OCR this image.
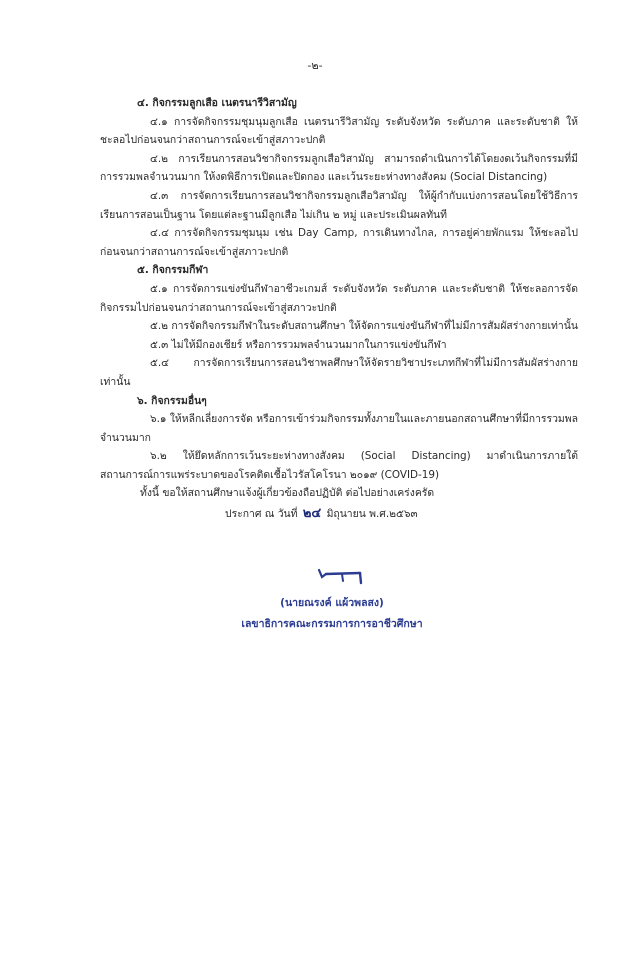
-๒-

๔. กิจกรรมลูกเสือ เนตรนารีวิสามัญ

๔.๑ การจัดกิจกรรมชุมนุมลูกเสือ เนตรนารีวิสามัญ ระดับจังหวัด ระดับภาค และระดับชาติ ให้ชะลอไปก่อนจนกว่าสถานการณ์จะเข้าสู่สภาวะปกติ

๔.๒ การเรียนการสอนวิชากิจกรรมลูกเสือวิสามัญ สามารถดำเนินการได้โดยงดเว้นกิจกรรมที่มีการรวมพลจำนวนมาก ให้งดพิธีการเปิดและปิดกอง และเว้นระยะห่างทางสังคม (Social Distancing)

๔.๓ การจัดการเรียนการสอนวิชากิจกรรมลูกเสือวิสามัญ ให้ผู้กำกับแบ่งการสอนโดยใช้วิธีการเรียนการสอนเป็นฐาน โดยแต่ละฐานมีลูกเสือ ไม่เกิน ๒ หมู่ และประเมินผลทันที

๔.๔ การจัดกิจกรรมชุมนุม เช่น Day Camp, การเดินทางไกล, การอยู่ค่ายพักแรม ให้ชะลอไปก่อนจนกว่าสถานการณ์จะเข้าสู่สภาวะปกติ

๕. กิจกรรมกีฬา

๕.๑ การจัดการแข่งขันกีฬาอาชีวะเกมส์ ระดับจังหวัด ระดับภาค และระดับชาติ ให้ชะลอการจัดกิจกรรมไปก่อนจนกว่าสถานการณ์จะเข้าสู่สภาวะปกติ

๕.๒ การจัดกิจกรรมกีฬาในระดับสถานศึกษา ให้จัดการแข่งขันกีฬาที่ไม่มีการสัมผัสร่างกายเท่านั้น

๕.๓ ไม่ให้มีกองเชียร์ หรือการรวมพลจำนวนมากในการแข่งขันกีฬา

๕.๔ การจัดการเรียนการสอนวิชาพลศึกษาให้จัดรายวิชาประเภทกีฬาที่ไม่มีการสัมผัสร่างกายเท่านั้น

๖. กิจกรรมอื่นๆ

๖.๑ ให้หลีกเลี่ยงการจัด หรือการเข้าร่วมกิจกรรมทั้งภายในและภายนอกสถานศึกษาที่มีการรวมพลจำนวนมาก

๖.๒ ให้ยึดหลักการเว้นระยะห่างทางสังคม (Social Distancing) มาดำเนินการภายใต้สถานการณ์การแพร่ระบาดของโรคติดเชื้อไวรัสโคโรนา ๒๐๑๙ (COVID-19)

ทั้งนี้ ขอให้สถานศึกษาแจ้งผู้เกี่ยวข้องถือปฏิบัติ ต่อไปอย่างเคร่งครัด

ประกาศ ณ วันที่ ๒๔ มิถุนายน พ.ศ.๒๕๖๓

(นายณรงค์ แผ้วพลสง)
เลขาธิการคณะกรรมการการอาชีวศึกษา
